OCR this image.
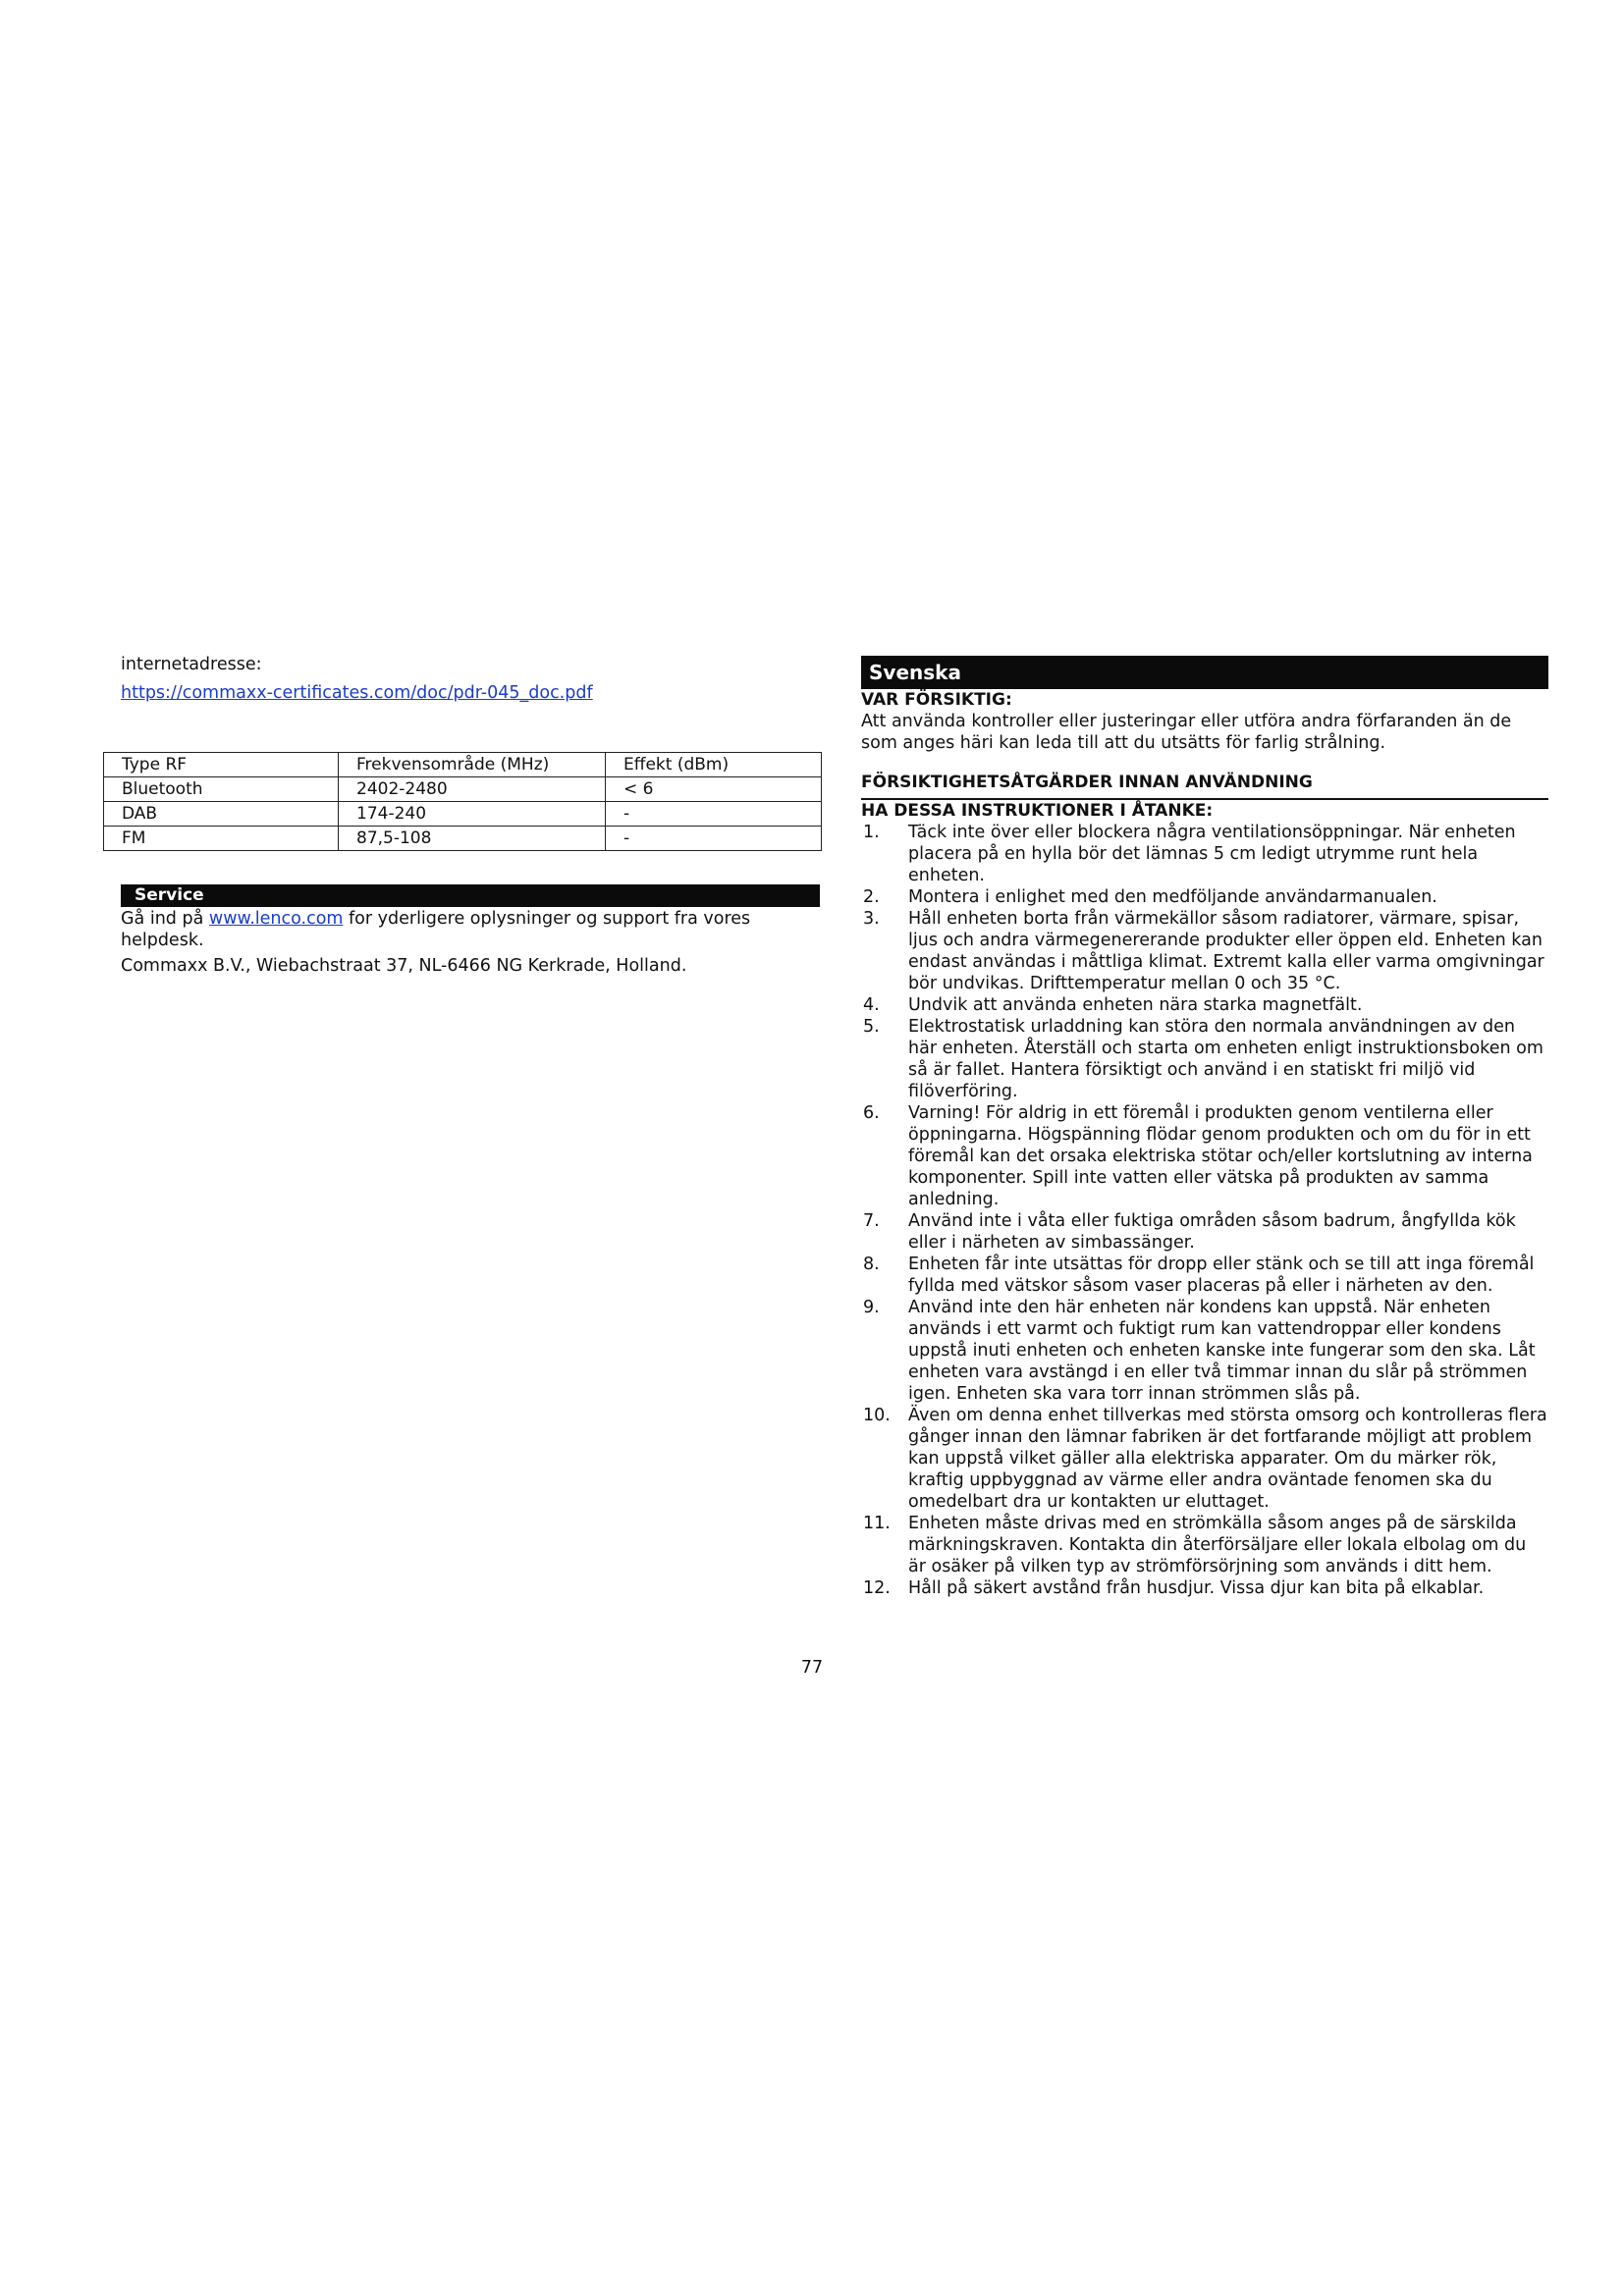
internetadresse:

https://commaxx-certificates.com/doc/pdr-045_doc.pdf
Type RF	Frekvensområde (MHz)	Effekt (dBm)
Bluetooth	2402-2480	< 6
DAB	174-240	-
FM	87,5-108	-
Service

Gå ind på www.lenco.com for yderligere oplysninger og support fra vores helpdesk.

Commaxx B.V., Wiebachstraat 37, NL-6466 NG Kerkrade, Holland.

Svenska
VAR FÖRSIKTIG:

Att använda kontroller eller justeringar eller utföra andra förfaranden än de som anges häri kan leda till att du utsätts för farlig strålning.

FÖRSIKTIGHETSÅTGÄRDER INNAN ANVÄNDNING
HA DESSA INSTRUKTIONER I ÅTANKE:
1. Täck inte över eller blockera några ventilationsöppningar. När enheten placera på en hylla bör det lämnas 5 cm ledigt utrymme runt hela enheten.
2. Montera i enlighet med den medföljande användarmanualen.
3. Håll enheten borta från värmekällor såsom radiatorer, värmare, spisar, ljus och andra värmegenererande produkter eller öppen eld. Enheten kan endast användas i måttliga klimat. Extremt kalla eller varma omgivningar bör undvikas. Drifttemperatur mellan 0 och 35 °C.
4. Undvik att använda enheten nära starka magnetfält.
5. Elektrostatisk urladdning kan störa den normala användningen av den här enheten. Återställ och starta om enheten enligt instruktionsboken om så är fallet. Hantera försiktigt och använd i en statiskt fri miljö vid filöverföring.
6. Varning! För aldrig in ett föremål i produkten genom ventilerna eller öppningarna. Högspänning flödar genom produkten och om du för in ett föremål kan det orsaka elektriska stötar och/eller kortslutning av interna komponenter. Spill inte vatten eller vätska på produkten av samma anledning.
7. Använd inte i våta eller fuktiga områden såsom badrum, ångfyllda kök eller i närheten av simbassänger.
8. Enheten får inte utsättas för dropp eller stänk och se till att inga föremål fyllda med vätskor såsom vaser placeras på eller i närheten av den.
9. Använd inte den här enheten när kondens kan uppstå. När enheten används i ett varmt och fuktigt rum kan vattendroppar eller kondens uppstå inuti enheten och enheten kanske inte fungerar som den ska. Låt enheten vara avstängd i en eller två timmar innan du slår på strömmen igen. Enheten ska vara torr innan strömmen slås på.
10. Även om denna enhet tillverkas med största omsorg och kontrolleras flera gånger innan den lämnar fabriken är det fortfarande möjligt att problem kan uppstå vilket gäller alla elektriska apparater. Om du märker rök, kraftig uppbyggnad av värme eller andra oväntade fenomen ska du omedelbart dra ur kontakten ur eluttaget.
11. Enheten måste drivas med en strömkälla såsom anges på de särskilda märkningskraven. Kontakta din återförsäljare eller lokala elbolag om du är osäker på vilken typ av strömförsörjning som används i ditt hem.
12. Håll på säkert avstånd från husdjur. Vissa djur kan bita på elkablar.
77
